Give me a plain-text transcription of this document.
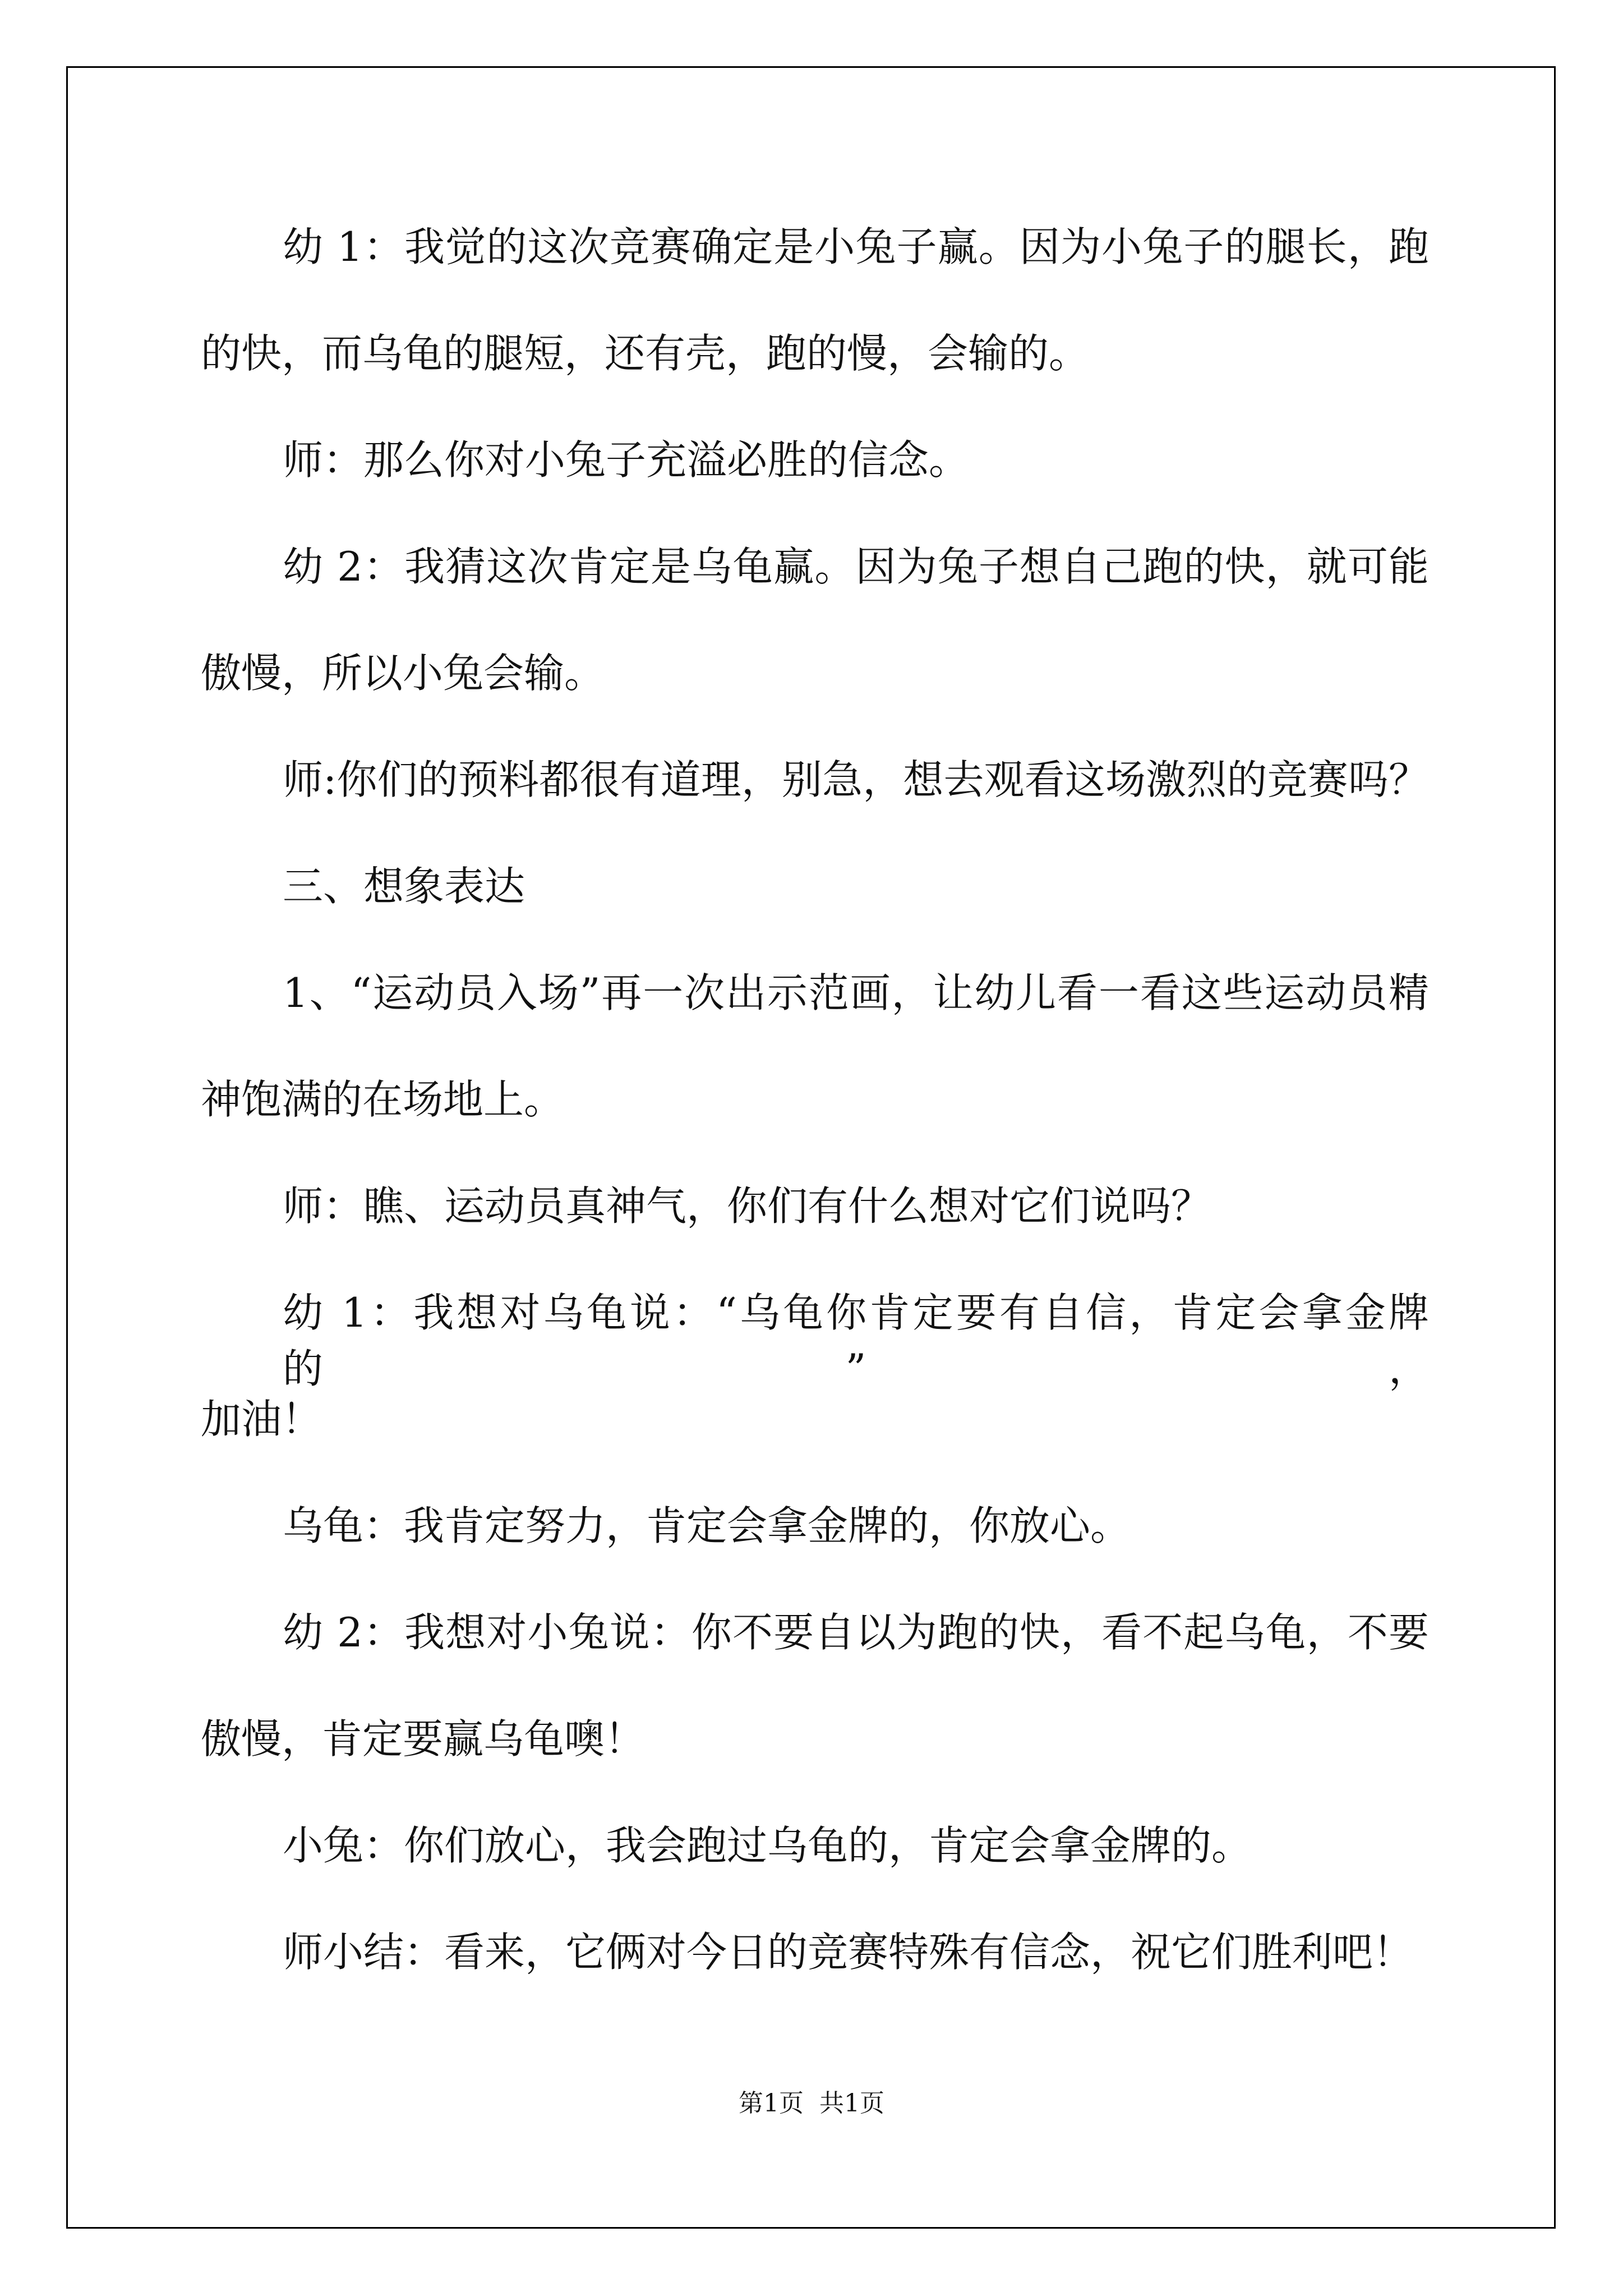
幼 1：我觉的这次竞赛确定是小兔子赢。因为小兔子的腿长，跑
的快，而乌龟的腿短，还有壳，跑的慢，会输的。
师：那么你对小兔子充溢必胜的信念。
幼 2：我猜这次肯定是乌龟赢。因为兔子想自己跑的快，就可能
傲慢，所以小兔会输。
师:你们的预料都很有道理，别急，想去观看这场激烈的竞赛吗？
三、想象表达
1、“运动员入场”再一次出示范画，让幼儿看一看这些运动员精
神饱满的在场地上。
师：瞧、运动员真神气，你们有什么想对它们说吗？
幼 1：我想对乌龟说：“乌龟你肯定要有自信，肯定会拿金牌的”，
加油！
乌龟：我肯定努力，肯定会拿金牌的，你放心。
幼 2：我想对小兔说：你不要自以为跑的快，看不起乌龟，不要
傲慢，肯定要赢乌龟噢！
小兔：你们放心，我会跑过乌龟的，肯定会拿金牌的。
师小结：看来，它俩对今日的竞赛特殊有信念，祝它们胜利吧！
第1页 共1页
